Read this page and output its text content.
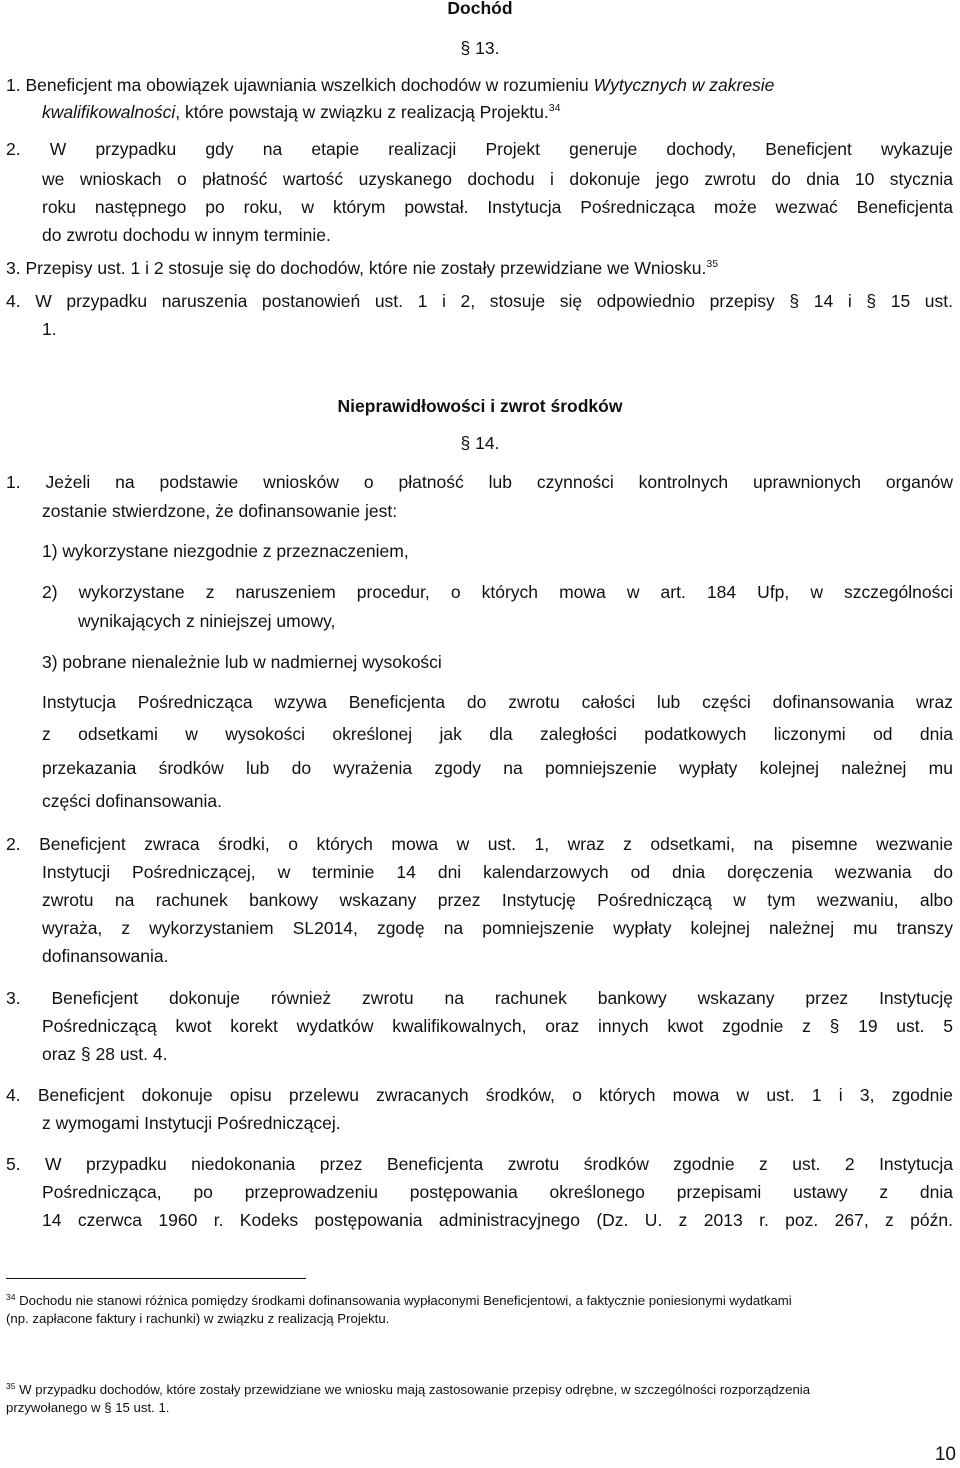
Dochód
§ 13.
1. Beneficjent ma obowiązek ujawniania wszelkich dochodów w rozumieniu Wytycznych w zakresie
kwalifikowalności, które powstają w związku z realizacją Projektu.$^{34}$
2. W przypadku gdy na etapie realizacji Projekt generuje dochody, Beneficjent wykazuje
we wnioskach o płatność wartość uzyskanego dochodu i dokonuje jego zwrotu do dnia 10 stycznia
roku następnego po roku, w którym powstał. Instytucja Pośrednicząca może wezwać Beneficjenta
do zwrotu dochodu w innym terminie.
3. Przepisy ust. 1 i 2 stosuje się do dochodów, które nie zostały przewidziane we Wniosku.$^{35}$
4. W przypadku naruszenia postanowień ust. 1 i 2, stosuje się odpowiednio przepisy § 14 i § 15 ust.
1.
Nieprawidłowości i zwrot środków
§ 14.
1. Jeżeli na podstawie wniosków o płatność lub czynności kontrolnych uprawnionych organów
zostanie stwierdzone, że dofinansowanie jest:
1) wykorzystane niezgodnie z przeznaczeniem,
2) wykorzystane z naruszeniem procedur, o których mowa w art. 184 Ufp, w szczególności
wynikających z niniejszej umowy,
3) pobrane nienależnie lub w nadmiernej wysokości
Instytucja Pośrednicząca wzywa Beneficjenta do zwrotu całości lub części dofinansowania wraz
z odsetkami w wysokości określonej jak dla zaległości podatkowych liczonymi od dnia
przekazania środków lub do wyrażenia zgody na pomniejszenie wypłaty kolejnej należnej mu
części dofinansowania.
2. Beneficjent zwraca środki, o których mowa w ust. 1, wraz z odsetkami, na pisemne wezwanie
Instytucji Pośredniczącej, w terminie 14 dni kalendarzowych od dnia doręczenia wezwania do
zwrotu na rachunek bankowy wskazany przez Instytucję Pośredniczącą w tym wezwaniu, albo
wyraża, z wykorzystaniem SL2014, zgodę na pomniejszenie wypłaty kolejnej należnej mu transzy
dofinansowania.
3. Beneficjent dokonuje również zwrotu na rachunek bankowy wskazany przez Instytucję
Pośredniczącą kwot korekt wydatków kwalifikowalnych, oraz innych kwot zgodnie z § 19 ust. 5
oraz § 28 ust. 4.
4. Beneficjent dokonuje opisu przelewu zwracanych środków, o których mowa w ust. 1 i 3, zgodnie
z wymogami Instytucji Pośredniczącej.
5. W przypadku niedokonania przez Beneficjenta zwrotu środków zgodnie z ust. 2 Instytucja
Pośrednicząca, po przeprowadzeniu postępowania określonego przepisami ustawy z dnia
14 czerwca 1960 r. Kodeks postępowania administracyjnego (Dz. U. z 2013 r. poz. 267, z późn.
$^{34}$ Dochodu nie stanowi różnica pomiędzy środkami dofinansowania wypłaconymi Beneficjentowi, a faktycznie poniesionymi wydatkami
(np. zapłacone faktury i rachunki) w związku z realizacją Projektu.
$^{35}$ W przypadku dochodów, które zostały przewidziane we wniosku mają zastosowanie przepisy odrębne, w szczególności rozporządzenia
przywołanego w § 15 ust. 1.
10
